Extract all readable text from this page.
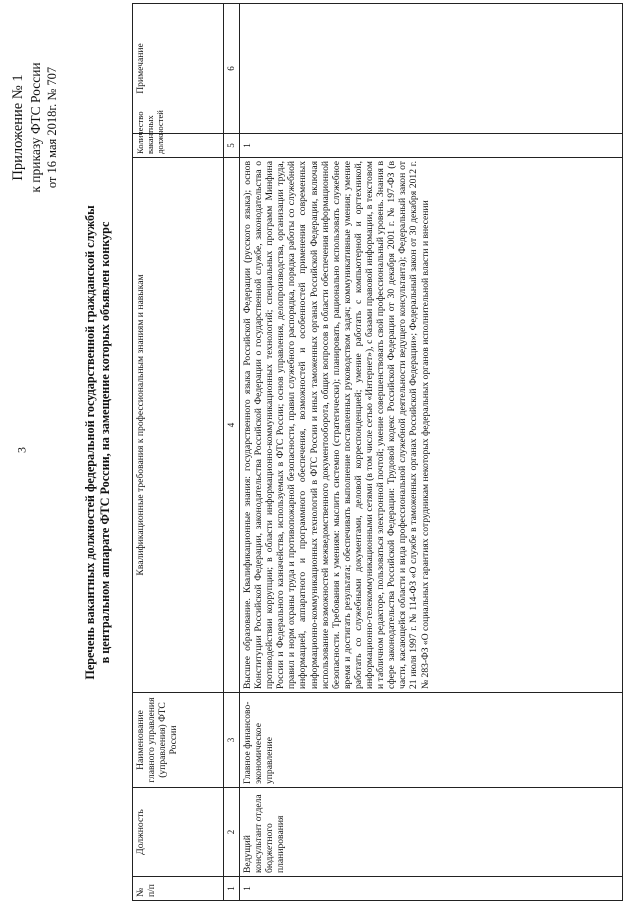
3
Приложение № 1 к приказу ФТС России от 16 мая 2018г. № 707
Перечень вакантных должностей федеральной государственной гражданской службы в центральном аппарате ФТС России, на замещение которых объявлен конкурс
№ п/п	Должность	Наименование главного управления (управления) ФТС России	Квалификационные требования к профессиональным знаниям и навыкам	Количество вакантных должностей	Примечание
1	2	3	4	5	6
1	Ведущий консультант отдела бюджетного планирования	Главное финансово-экономическое управление	Высшее образование. Квалификационные знания: государственного языка Российской Федерации (русского языка); основ Конституции Российской Федерации, законодательства Российской Федерации о государственной службе, законодательства о противодействии коррупции; в области информационно-коммуникационных технологий; специальных программ Минфина России и Федерального казначейства, используемых в ФТС России; основ управления, делопроизводства, организации труда, правил и норм охраны труда и противопожарной безопасности, правил служебного распорядка, порядка работы со служебной информацией, аппаратного и программного обеспечения, возможностей и особенностей применения современных информационно-коммуникационных технологий в ФТС России и иных таможенных органах Российской Федерации, включая использование возможностей межведомственного документооборота, общих вопросов в области обеспечения информационной безопасности. Требования к умениям: мыслить системно (стратегически); планировать, рационально использовать служебное время и достигать результата; обеспечивать выполнение поставленных руководством задач; коммуникативные умения; умение работать со служебными документами, деловой корреспонденцией; умение работать с компьютерной и оргтехникой, информационно-телекоммуникационными сетями (в том числе сетью «Интернет»), с базами правовой информации, в текстовом и табличном редакторе, пользоваться электронной почтой; умение совершенствовать свой профессиональный уровень. Знания в сфере законодательства Российской Федерации: Трудовой кодекс Российской Федерации от 30 декабря 2001 г. № 197-ФЗ (в части, касающейся области и вида профессиональной служебной деятельности ведущего консультанта); Федеральный закон от 21 июля 1997 г. № 114-ФЗ «О службе в таможенных органах Российской Федерации»; Федеральный закон от 30 декабря 2012 г. № 283-ФЗ «О социальных гарантиях сотрудникам некоторых федеральных органов исполнительной власти и внесении	1	
